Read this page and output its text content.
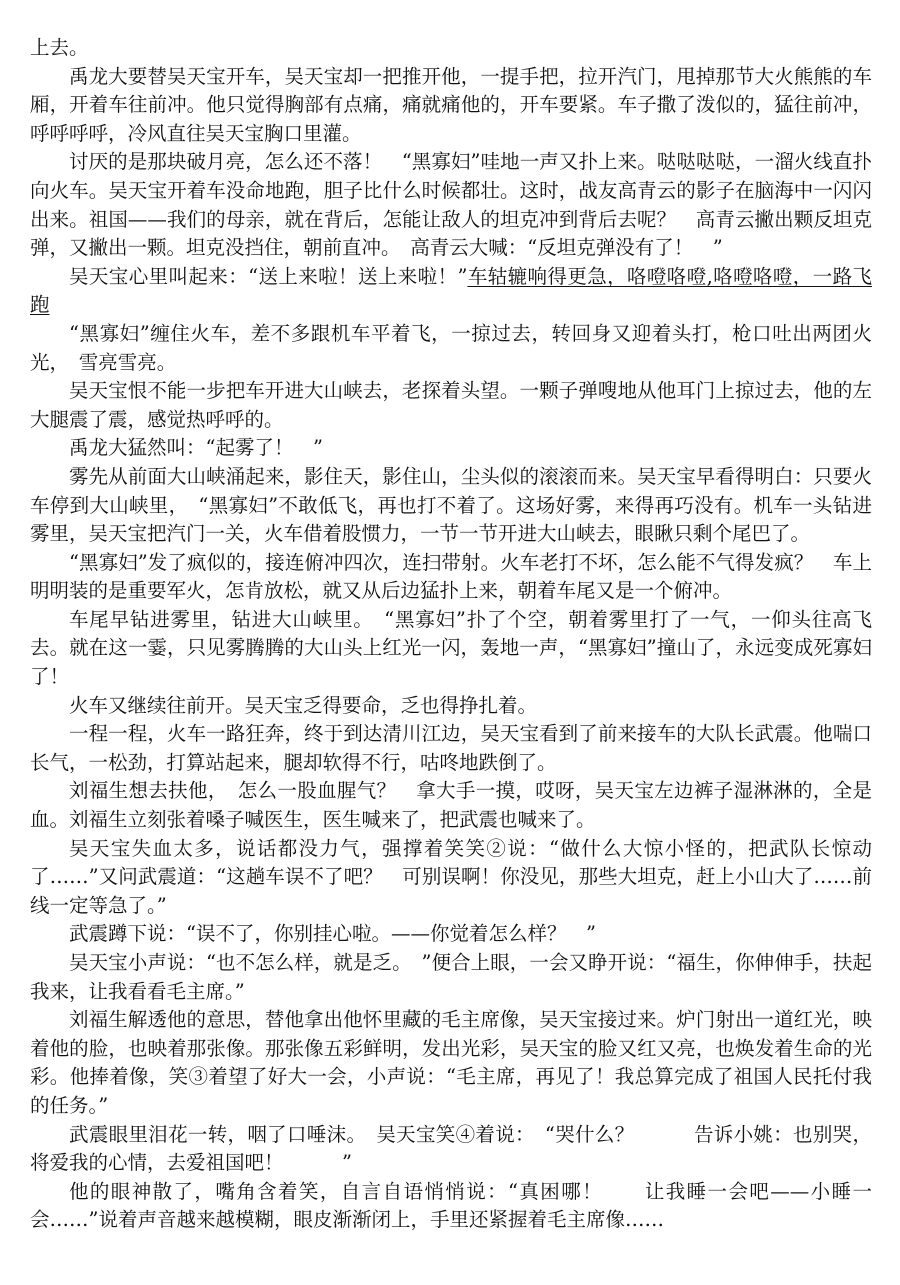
上去。

禹龙大要替吴天宝开车，吴天宝却一把推开他，一提手把，拉开汽门，甩掉那节大火熊熊的车厢，开着车往前冲。他只觉得胸部有点痛，痛就痛他的，开车要紧。车子撒了泼似的，猛往前冲，呼呼呼呼，冷风直往吴天宝胸口里灌。

讨厌的是那块破月亮，怎么还不落！　“黑寡妇”哇地一声又扑上来。哒哒哒哒，一溜火线直扑向火车。吴天宝开着车没命地跑，胆子比什么时候都壮。这时，战友高青云的影子在脑海中一闪闪出来。祖国——我们的母亲，就在背后，怎能让敌人的坦克冲到背后去呢？　高青云撇出颗反坦克弹，又撇出一颗。坦克没挡住，朝前直冲。　高青云大喊：“反坦克弹没有了！　”

吴天宝心里叫起来：“送上来啦！送上来啦！”车轱辘响得更急，咯噔咯噔,咯噔咯噔，一路飞跑

“黑寡妇”缠住火车，差不多跟机车平着飞，一掠过去，转回身又迎着头打，枪口吐出两团火光，　雪亮雪亮。

吴天宝恨不能一步把车开进大山峡去，老探着头望。一颗子弹嗖地从他耳门上掠过去，他的左大腿震了震，感觉热呼呼的。

禹龙大猛然叫：“起雾了！　”

雾先从前面大山峡涌起来，影住天，影住山，尘头似的滚滚而来。吴天宝早看得明白：只要火车停到大山峡里，　“黑寡妇”不敢低飞，再也打不着了。这场好雾，来得再巧没有。机车一头钻进雾里，吴天宝把汽门一关，火车借着股惯力，一节一节开进大山峡去，眼瞅只剩个尾巴了。

“黑寡妇”发了疯似的，接连俯冲四次，连扫带射。火车老打不坏，怎么能不气得发疯？　车上明明装的是重要军火，怎肯放松，就又从后边猛扑上来，朝着车尾又是一个俯冲。

车尾早钻进雾里，钻进大山峡里。　“黑寡妇”扑了个空，朝着雾里打了一气，一仰头往高飞去。就在这一霎，只见雾腾腾的大山头上红光一闪，轰地一声，“黑寡妇”撞山了，永远变成死寡妇了！

火车又继续往前开。吴天宝乏得要命，乏也得挣扎着。

一程一程，火车一路狂奔，终于到达清川江边，吴天宝看到了前来接车的大队长武震。他喘口长气，一松劲，打算站起来，腿却软得不行，咕咚地跌倒了。

刘福生想去扶他，　怎么一股血腥气？　拿大手一摸，哎呀，吴天宝左边裤子湿淋淋的，全是血。刘福生立刻张着嗓子喊医生，医生喊来了，把武震也喊来了。

吴天宝失血太多，说话都没力气，强撑着笑笑②说：“做什么大惊小怪的，把武队长惊动了……”又问武震道：“这趟车误不了吧？　可别误啊！你没见，那些大坦克，赶上小山大了……前线一定等急了。”

武震蹲下说：“误不了，你别挂心啦。——你觉着怎么样？　”

吴天宝小声说：“也不怎么样，就是乏。　”便合上眼，一会又睁开说：“福生，你伸伸手，扶起我来，让我看看毛主席。”

刘福生解透他的意思，替他拿出他怀里藏的毛主席像，吴天宝接过来。炉门射出一道红光，映着他的脸，也映着那张像。那张像五彩鲜明，发出光彩，吴天宝的脸又红又亮，也焕发着生命的光彩。他捧着像，笑③着望了好大一会，小声说：“毛主席，再见了！我总算完成了祖国人民托付我的任务。”

武震眼里泪花一转，咽了口唾沫。　吴天宝笑④着说：　“哭什么？　　　告诉小姚：也别哭，将爱我的心情，去爱祖国吧！　　　”

他的眼神散了，嘴角含着笑，自言自语悄悄说：“真困哪！　　让我睡一会吧——小睡一会……”说着声音越来越模糊，眼皮渐渐闭上，手里还紧握着毛主席像……
